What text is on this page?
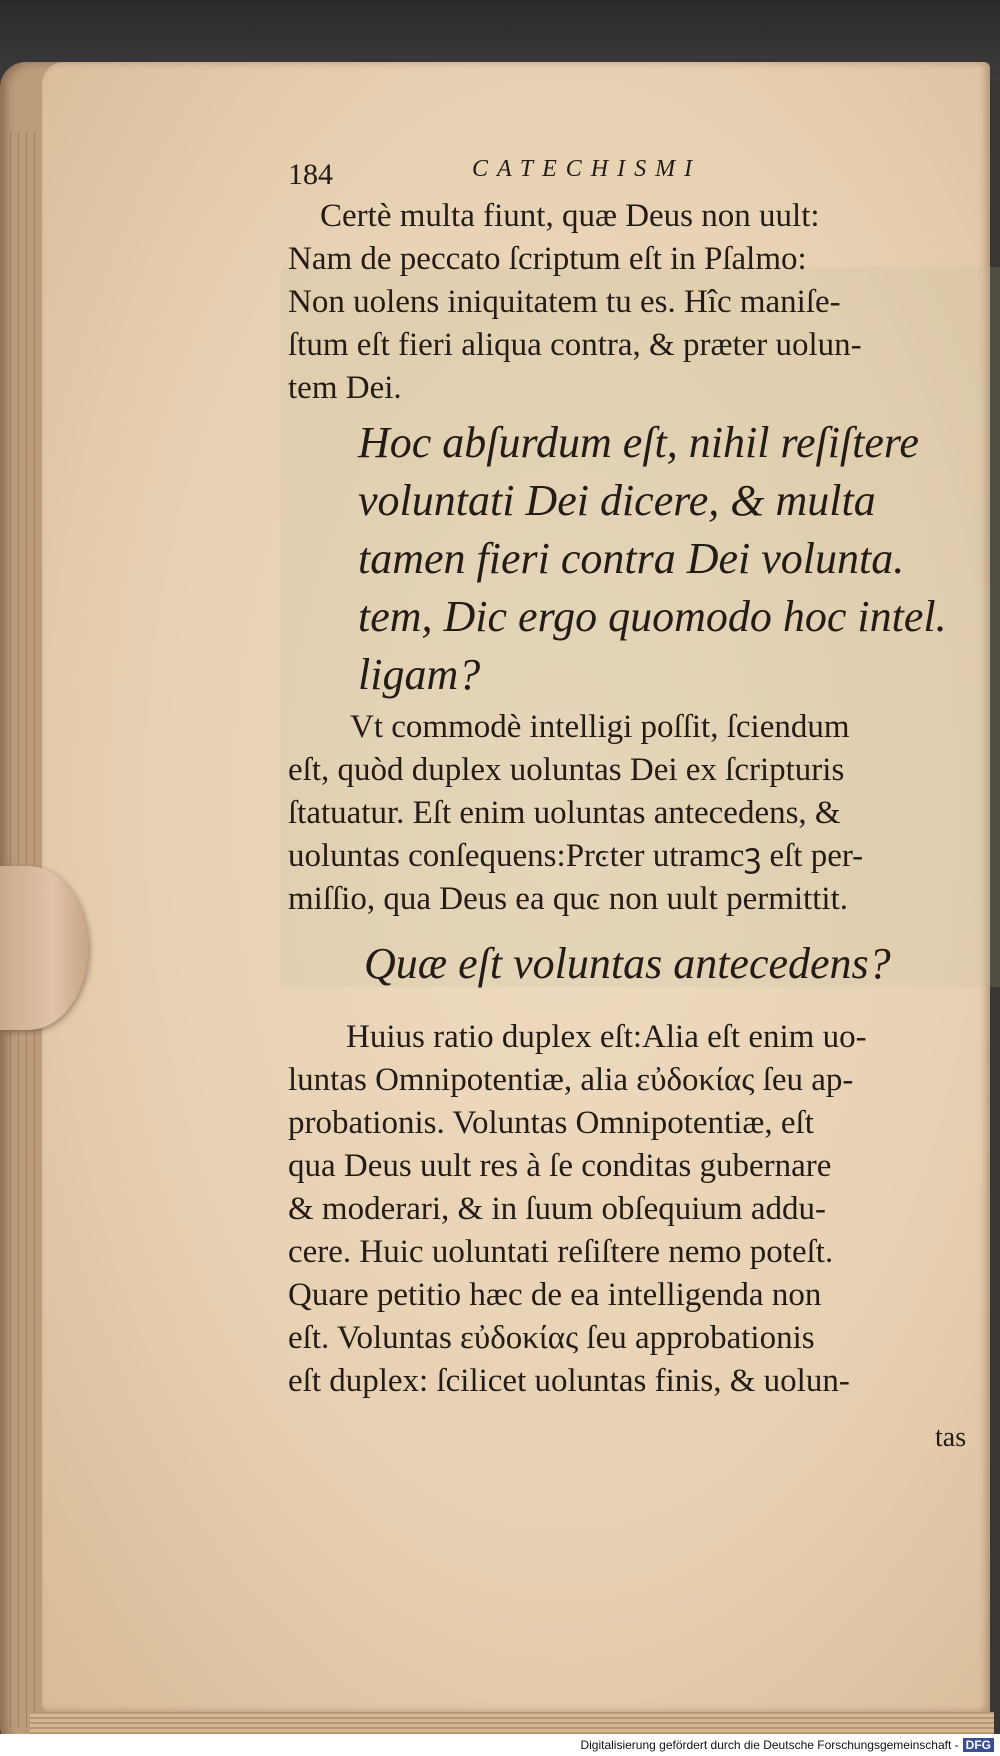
184	CATECHISMI
Certè multa fiunt, quæ Deus non uult:
Nam de peccato ſcriptum eſt in Pſalmo:
Non uolens iniquitatem tu es. Hîc maniſe-
ſtum eſt fieri aliqua contra, & præter uolun-
tem Dei.
Hoc abſurdum eſt, nihil reſiſtere
voluntati Dei dicere, & multa
tamen fieri contra Dei volunta.
tem, Dic ergo quomodo hoc intel.
ligam?
Vt commodè intelligi poſſit, ſciendum
eſt, quòd duplex uoluntas Dei ex ſcripturis
ſtatuatur. Eſt enim uoluntas antecedens, &
uoluntas conſequens:Prͼter utramcꝫ eſt per-
miſſio, qua Deus ea quͼ non uult permittit.
Quæ eſt voluntas antecedens?
Huius ratio duplex eſt:Alia eſt enim uo-
luntas Omnipotentiæ, alia εὐδοκίας ſeu ap-
probationis. Voluntas Omnipotentiæ, eſt
qua Deus uult res à ſe conditas gubernare
& moderari, & in ſuum obſequium addu-
cere. Huic uoluntati reſiſtere nemo poteſt.
Quare petitio hæc de ea intelligenda non
eſt. Voluntas εὐδοκίας ſeu approbationis
eſt duplex: ſcilicet uoluntas finis, & uolun-
tas
Digitalisierung gefördert durch die Deutsche Forschungsgemeinschaft - DFG
